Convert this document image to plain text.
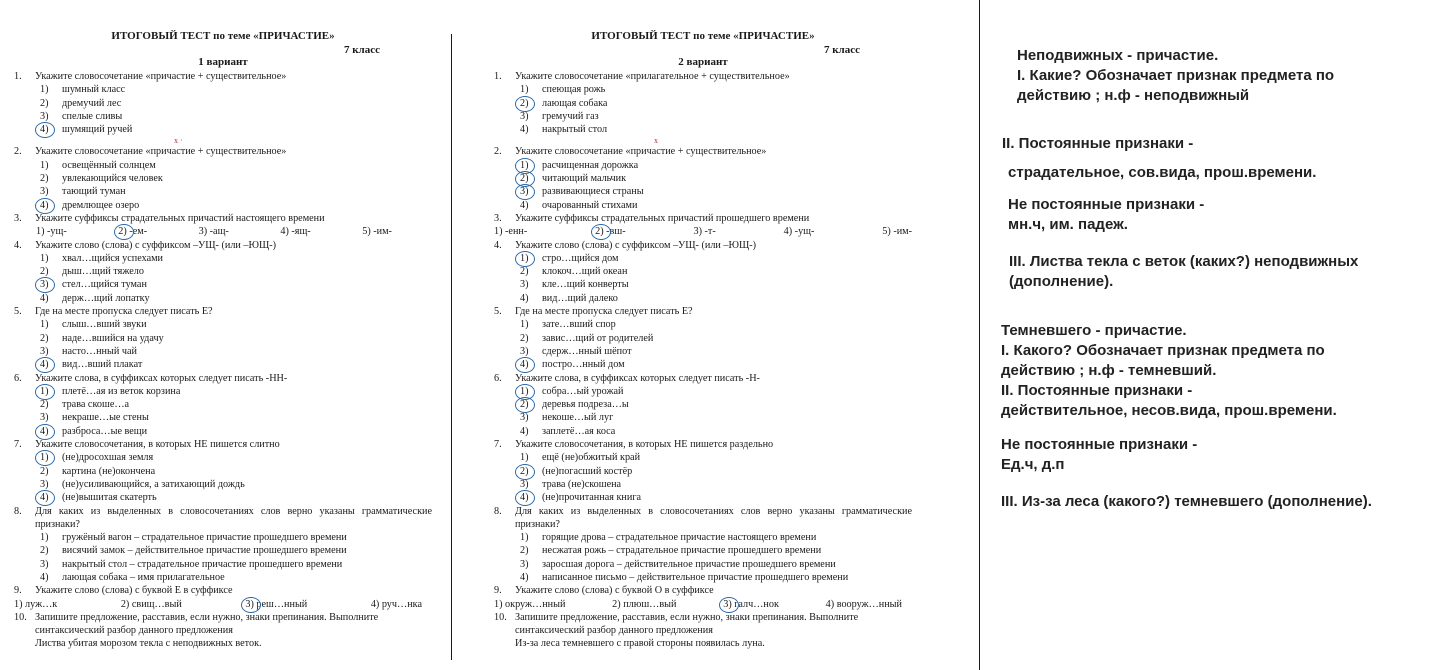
ИТОГОВЫЙ ТЕСТ по теме «ПРИЧАСТИЕ»
7 класс
1 вариант
1. Укажите словосочетание «причастие + существительное»
1) шумный класс
2) дремучий лес
3) спелые сливы
4) шумящий ручей
x ·
2. Укажите словосочетание «причастие + существительное»
1) освещённый солнцем
2) увлекающийся человек
3) тающий туман
4) дремлющее озеро
3. Укажите суффиксы страдательных причастий настоящего времени
1) -ущ-	2) -ем-	3) -ащ-	4) -ящ-	5) -им-
4. Укажите слово (слова) с суффиксом –УЩ- (или –ЮЩ-)
1) хвал…щийся успехами
2) дыш…щий тяжело
3) стел…щийся туман
4) держ…щий лопатку
5. Где на месте пропуска следует писать Е?
1) слыш…вший звуки
2) наде…вшийся на удачу
3) насто…нный чай
4) вид…вший плакат
6. Укажите слова, в суффиксах которых следует писать -НН-
1) плетё…ая из веток корзина
2) трава скоше…а
3) некраше…ые стены
4) разброса…ые вещи
7. Укажите словосочетания, в которых НЕ пишется слитно
1) (не)дросохшая земля
2) картина (не)окончена
3) (не)усиливающийся, а затихающий дождь
4) (не)вышитая скатерть
8. Для каких из выделенных в словосочетаниях слов верно указаны грамматические признаки?
1) гружёный вагон – страдательное причастие прошедшего времени
2) висячий замок – действительное причастие прошедшего времени
3) накрытый стол – страдательное причастие прошедшего времени
4) лающая собака – имя прилагательное
9. Укажите слово (слова) с буквой Е в суффиксе
1) луж…к	2) свищ…вый	3) реш…нный	4) руч…нка
10. Запишите предложение, расставив, если нужно, знаки препинания. Выполните синтаксический разбор данного предложения
Листва убитая морозом текла с неподвижных веток.
ИТОГОВЫЙ ТЕСТ по теме «ПРИЧАСТИЕ»
7 класс
2 вариант
1. Укажите словосочетание «прилагательное + существительное»
1) спеющая рожь
2) лающая собака
3) гремучий газ
4) накрытый стол
x
2. Укажите словосочетание «причастие + существительное»
1) расчищенная дорожка
2) читающий мальчик
3) развивающиеся страны
4) очарованный стихами
3. Укажите суффиксы страдательных причастий прошедшего времени
1) -енн-	2) -вш-	3) -т-	4) -ущ-	5) -им-
4. Укажите слово (слова) с суффиксом –УЩ- (или –ЮЩ-)
1) стро…щийся дом
2) клокоч…щий океан
3) кле…щий конверты
4) вид…щий далеко
5. Где на месте пропуска следует писать Е?
1) зате…вший спор
2) завис…щий от родителей
3) сдерж…нный шёпот
4) постро…нный дом
6. Укажите слова, в суффиксах которых следует писать -Н-
1) собра…ый урожай
2) деревья подреза…ы
3) некоше…ый луг
4) заплетё…ая коса
7. Укажите словосочетания, в которых НЕ пишется раздельно
1) ещё (не)обжитый край
2) (не)погасший костёр
3) трава (не)скошена
4) (не)прочитанная книга
8. Для каких из выделенных в словосочетаниях слов верно указаны грамматические признаки?
1) горящие дрова – страдательное причастие настоящего времени
2) несжатая рожь – страдательное причастие прошедшего времени
3) заросшая дорога – действительное причастие прошедшего времени
4) написанное письмо – действительное причастие прошедшего времени
9. Укажите слово (слова) с буквой О в суффиксе
1) окруж…нный	2) плюш…вый	3) галч…нок	4) вооруж…нный
10. Запишите предложение, расставив, если нужно, знаки препинания. Выполните синтаксический разбор данного предложения
Из-за леса темневшего с правой стороны появилась луна.
Неподвижных - причастие.
I. Какие? Обозначает признак предмета по
действию ; н.ф - неподвижный
II. Постоянные признаки -
страдательное, сов.вида, прош.времени.
Не постоянные признаки -
мн.ч, им. падеж.
III. Листва текла с веток (каких?) неподвижных
(дополнение).
Темневшего - причастие.
I. Какого? Обозначает признак предмета по
действию ; н.ф - темневший.
II. Постоянные признаки -
действительное, несов.вида, прош.времени.
Не постоянные признаки -
Ед.ч, д.п
III. Из-за леса (какого?) темневшего (дополнение).
